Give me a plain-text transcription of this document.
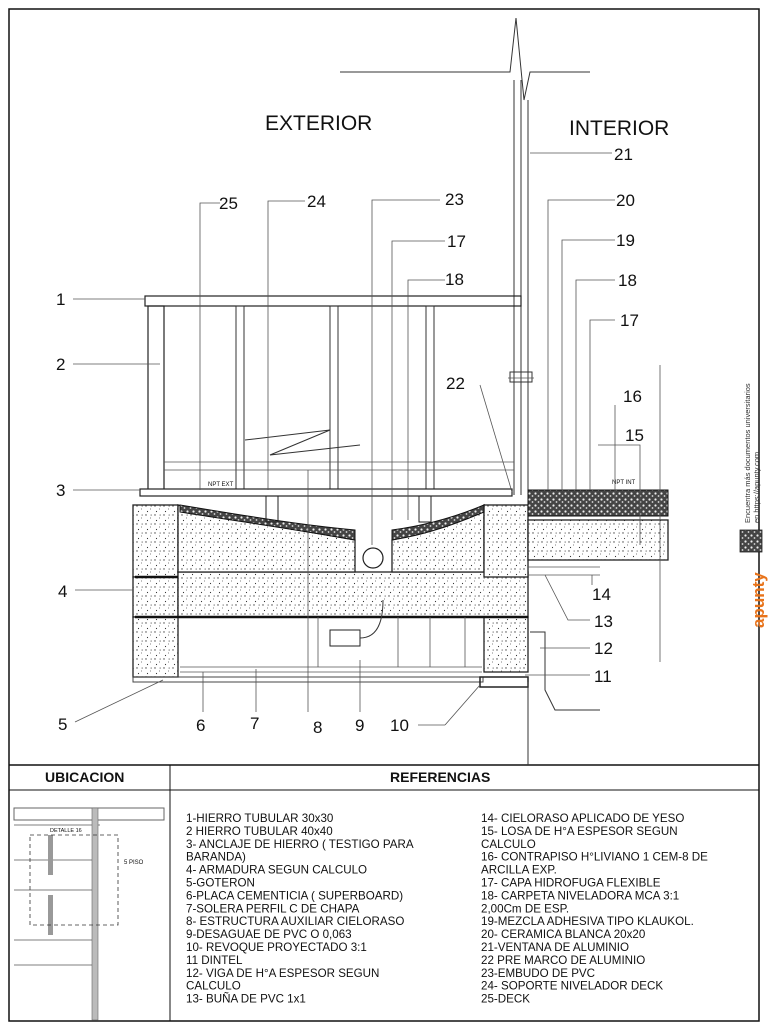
EXTERIOR	INTERIOR
NPT EXT	NPT INT
1
2
3
4
5	6	7	8 9 10
11
12
13
14
15
16
17
18
19
20
21
22
23
24
25
17
18
UBICACION	REFERENCIAS
DETALLE 16
5 PISO
1-HIERRO TUBULAR 30x30
2 HIERRO TUBULAR 40x40
3- ANCLAJE DE HIERRO ( TESTIGO PARA
BARANDA)
4- ARMADURA SEGUN CALCULO
5-GOTERON
6-PLACA CEMENTICIA ( SUPERBOARD)
7-SOLERA PERFIL C DE CHAPA
8- ESTRUCTURA AUXILIAR CIELORASO
9-DESAGUAE DE PVC O 0,063
10- REVOQUE PROYECTADO 3:1
11 DINTEL
12- VIGA DE H°A ESPESOR SEGUN
CALCULO
13- BUÑA DE PVC 1x1
14- CIELORASO APLICADO DE YESO
15- LOSA DE H°A ESPESOR SEGUN
CALCULO
16- CONTRAPISO H°LIVIANO 1 CEM-8 DE
ARCILLA EXP.
17- CAPA HIDROFUGA FLEXIBLE
18- CARPETA NIVELADORA MCA 3:1
2,00Cm DE ESP.
19-MEZCLA ADHESIVA TIPO KLAUKOL.
20- CERAMICA BLANCA 20x20
21-VENTANA DE ALUMINIO
22 PRE MARCO DE ALUMINIO
23-EMBUDO DE PVC
24- SOPORTE NIVELADOR DECK
25-DECK
Encuentra más documentos universitarios en https://apunty.com
apunty
